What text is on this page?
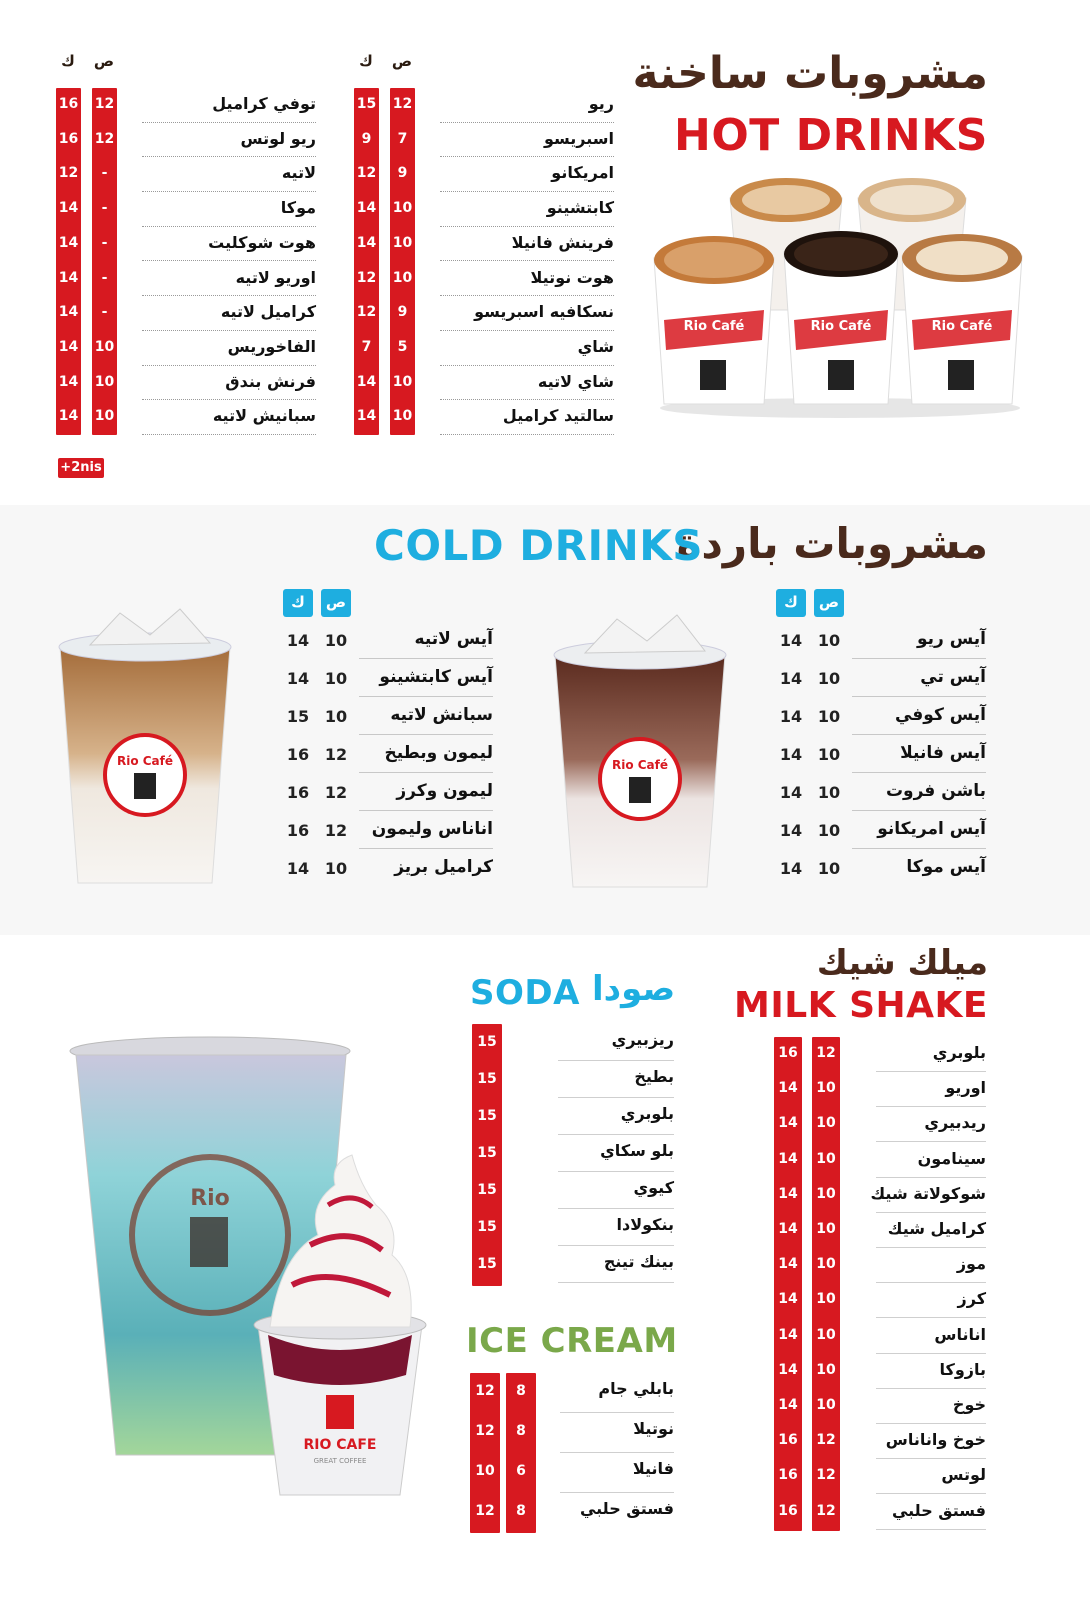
مشروبات ساخنة
HOT DRINKS
ك	ص
ريو
15 12
اسبريسو
9	7
امريكانو
12	9
كابتشينو
14 10
فرينش فانيلا
14 10
هوت نوتيلا
12 10
نسكافيه اسبريسو
12	9
شاي
7	5
شاي لاتيه
14 10
سالتيد كراميل
14 10
ك	ص
توفي كراميل
16 12
ريو لوتس
16 12
لاتيه
12	-
موكا
14	-
هوت شوكليت
14	-
اوريو لاتيه
14	-
كراميل لاتيه
14	-
الفاخوريس
14 10
فرنش بندق
14 10
سبانيش لاتيه
14 10
+2nis
Rio Café	Rio Café	Rio Café
مشروبات باردة
COLD DRINKS
ك	ص
آيس ريو
14 10
آيس تي
14 10
آيس كوفي
14 10
آيس فانيلا
14 10
باشن فروت
14 10
آيس امريكانو
14 10
آيس موكا
14 10
ك	ص
آيس لاتيه
14 10
آيس كابتشينو
14 10
سبانش لاتيه
15 10
ليمون وبطيخ
16 12
ليمون وكرز
16 12
اناناس وليمون
16 12
كراميل بريز
14 10
Rio Café	Rio Café
ميلك شيك
MILK SHAKE
بلوبري
16	12
اوريو
14	10
ريدبيري
14	10
سينامون
14	10
شوكولاتة شيك
14	10
كراميل شيك
14	10
موز
14	10
كرز
14	10
اناناس
14	10
بازوكا
14	10
خوخ
14	10
خوخ واناناس
16	12
لوتس
16	12
فستق حلبي
16	12
صودا
SODA
ريزبيري
15
بطيخ
15
بلوبري
15
بلو سكاي
15
كيوي
15
بنكولادا
15
بينك تينج
15
ICE CREAM
بابلي جام
12	8
نوتيلا
12	8
فانيلا
10	6
فستق حلبي
12	8
Rio
RIO CAFE
GREAT COFFEE
